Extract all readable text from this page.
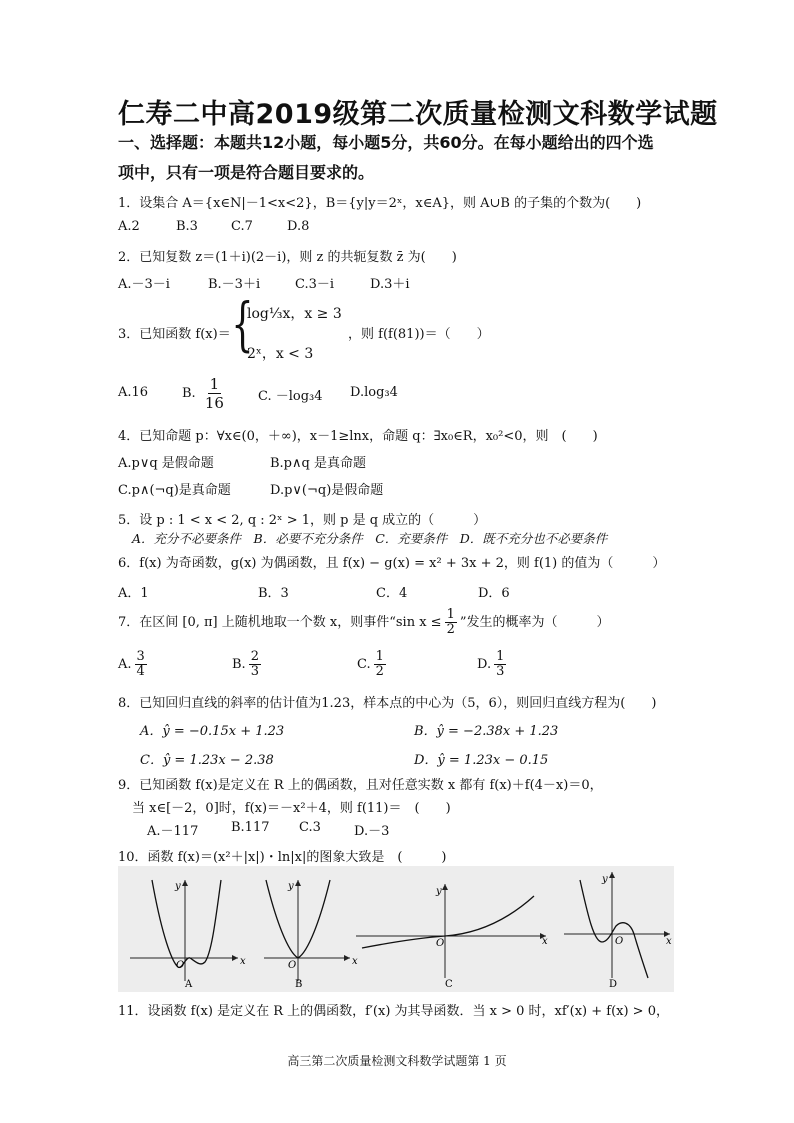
仁寿二中高2019级第二次质量检测文科数学试题
一、选择题：本题共12小题，每小题5分，共60分。在每小题给出的四个选
项中，只有一项是符合题目要求的。
1．设集合 A＝{x∈N|－1<x<2}，B＝{y|y＝2ˣ，x∈A}，则 A∪B 的子集的个数为(　　)
A.2	B.3	C.7	D.8
2．已知复数 z＝(1＋i)(2－i)，则 z 的共轭复数 z̄ 为(　　)
A.－3－i	B.－3＋i	C.3－i	D.3＋i
3．已知函数 f(x)＝ {
log⅓x，x ≥ 3
2ˣ，x < 3
，则 f(f(81))＝（　　）
A.16	B. $\frac{1}{16} C$. －log₃4 D.log₃4
4．已知命题 p：∀x∈(0，＋∞)，x－1≥lnx，命题 q：∃x₀∈R，x₀²<0，则　(　　)
A.p∨q 是假命题	B.p∧q 是真命题
C.p∧(¬q)是真命题	D.p∨(¬q)是假命题
5．设 p : 1 < x < 2, q : 2ˣ > 1，则 p 是 q 成立的（　　　）
A．充分不必要条件　B．必要不充分条件　C．充要条件　D．既不充分也不必要条件
6．f(x) 为奇函数，g(x) 为偶函数，且 f(x) − g(x) = x² + 3x + 2，则 f(1) 的值为（　　　）
A．1	B．3	C．4	D．6
7．在区间 [0, π] 上随机地取一个数 x，则事件“sin $x \le \frac{1}{2}$ ”发生的概率为（　　　）
A. $\frac{3}{4}$	B. $\frac{2}{3}$	C. $\frac{1}{2}$	D. $\frac{1}{3}$
8．已知回归直线的斜率的估计值为1.23，样本点的中心为（5，6），则回归直线方程为(　　)
A．ŷ = −0.15x + 1.23	B．ŷ = −2.38x + 1.23
C．ŷ = 1.23x − 2.38	D．ŷ = 1.23x − 0.15
9．已知函数 f(x)是定义在 R 上的偶函数，且对任意实数 x 都有 f(x)＋f(4－x)＝0，
当 x∈[－2，0]时，f(x)＝－x²＋4，则 f(11)＝　(　　)
A.－117	B.117 C.3	D.－3
10．函数 f(x)＝(x²＋|x|)・ln|x|的图象大致是　(　　　)
y
x
O
A
y
x
O
B
y
x
O
C
y
x
O
D
11．设函数 f(x) 是定义在 R 上的偶函数，f′(x) 为其导函数．当 x > 0 时，xf′(x) + f(x) > 0，
高三第二次质量检测文科数学试题第 1 页
